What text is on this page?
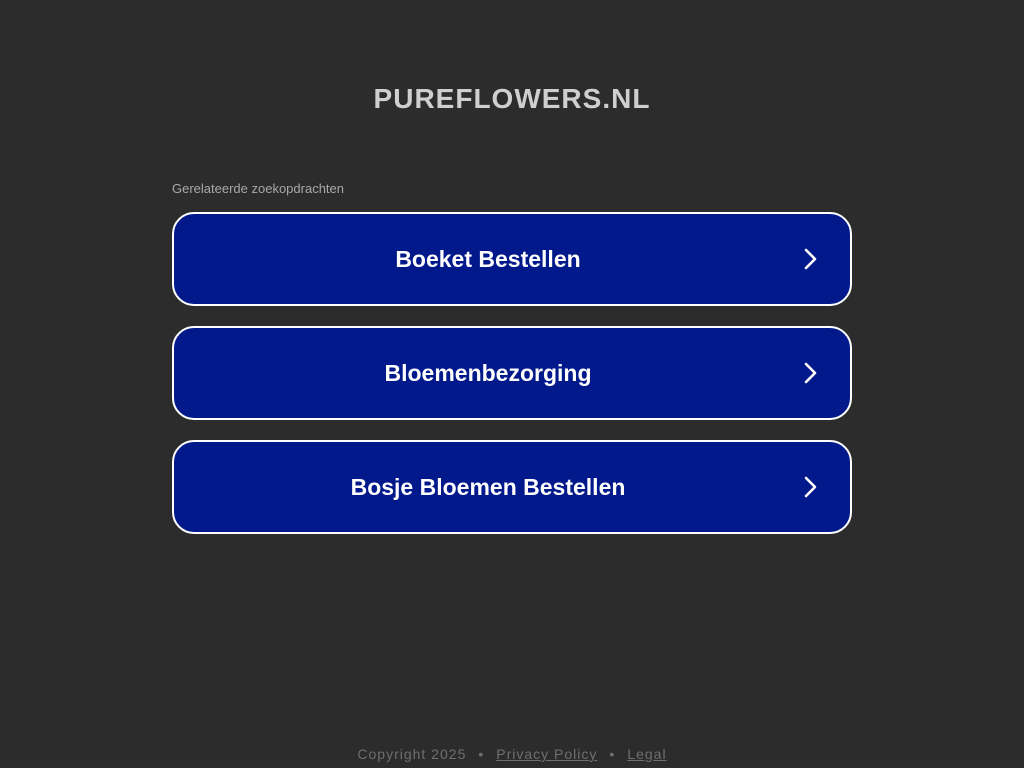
PUREFLOWERS.NL
Gerelateerde zoekopdrachten
Boeket Bestellen
Bloemenbezorging
Bosje Bloemen Bestellen
Copyright 2025 • Privacy Policy • Legal
